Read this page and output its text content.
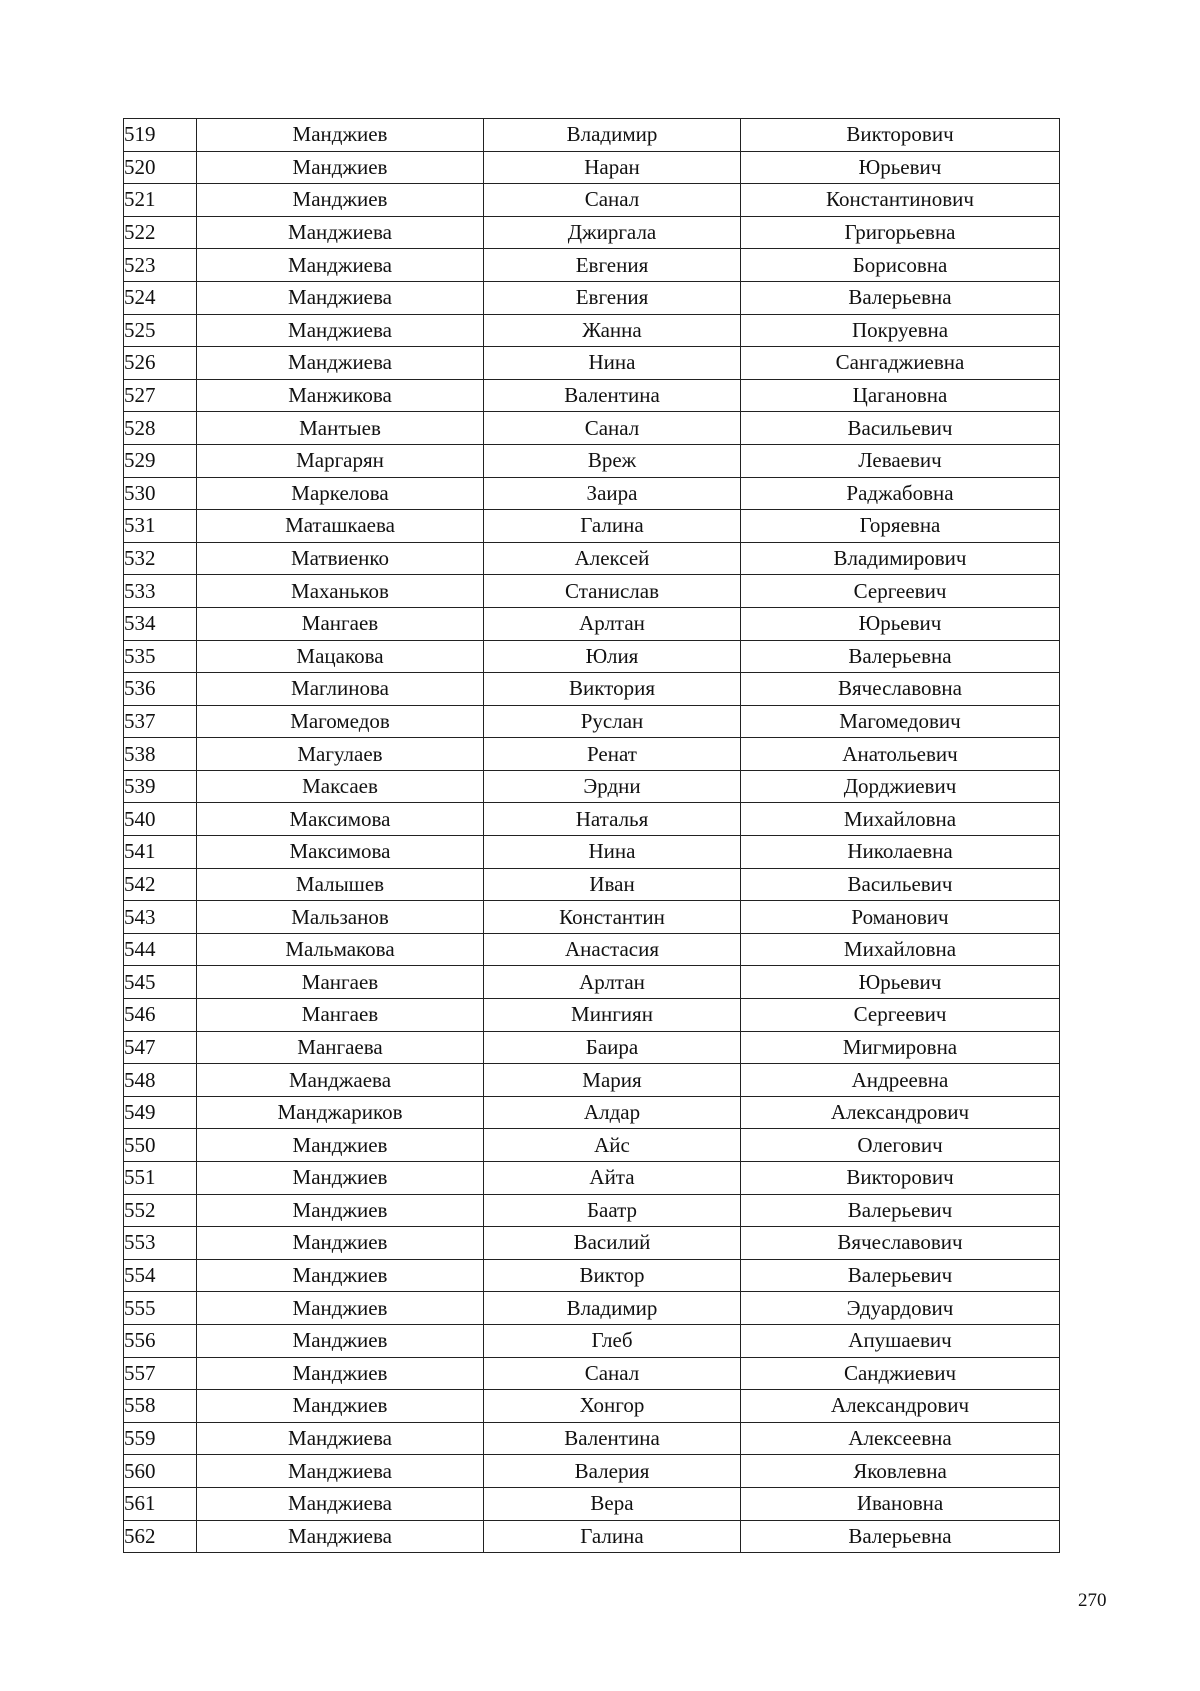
519	Манджиев	Владимир	Викторович
520	Манджиев	Наран	Юрьевич
521	Манджиев	Санал	Константинович
522	Манджиева	Джиргала	Григорьевна
523	Манджиева	Евгения	Борисовна
524	Манджиева	Евгения	Валерьевна
525	Манджиева	Жанна	Покруевна
526	Манджиева	Нина	Сангаджиевна
527	Манжикова	Валентина	Цагановна
528	Мантыев	Санал	Васильевич
529	Маргарян	Вреж	Леваевич
530	Маркелова	Заира	Раджабовна
531	Маташкаева	Галина	Горяевна
532	Матвиенко	Алексей	Владимирович
533	Маханьков	Станислав	Сергеевич
534	Мангаев	Арлтан	Юрьевич
535	Мацакова	Юлия	Валерьевна
536	Маглинова	Виктория	Вячеславовна
537	Магомедов	Руслан	Магомедович
538	Магулаев	Ренат	Анатольевич
539	Максаев	Эрдни	Дорджиевич
540	Максимова	Наталья	Михайловна
541	Максимова	Нина	Николаевна
542	Малышев	Иван	Васильевич
543	Мальзанов	Константин	Романович
544	Мальмакова	Анастасия	Михайловна
545	Мангаев	Арлтан	Юрьевич
546	Мангаев	Мингиян	Сергеевич
547	Мангаева	Баира	Мигмировна
548	Манджаева	Мария	Андреевна
549	Манджариков	Алдар	Александрович
550	Манджиев	Айс	Олегович
551	Манджиев	Айта	Викторович
552	Манджиев	Баатр	Валерьевич
553	Манджиев	Василий	Вячеславович
554	Манджиев	Виктор	Валерьевич
555	Манджиев	Владимир	Эдуардович
556	Манджиев	Глеб	Апушаевич
557	Манджиев	Санал	Санджиевич
558	Манджиев	Хонгор	Александрович
559	Манджиева	Валентина	Алексеевна
560	Манджиева	Валерия	Яковлевна
561	Манджиева	Вера	Ивановна
562	Манджиева	Галина	Валерьевна
270
